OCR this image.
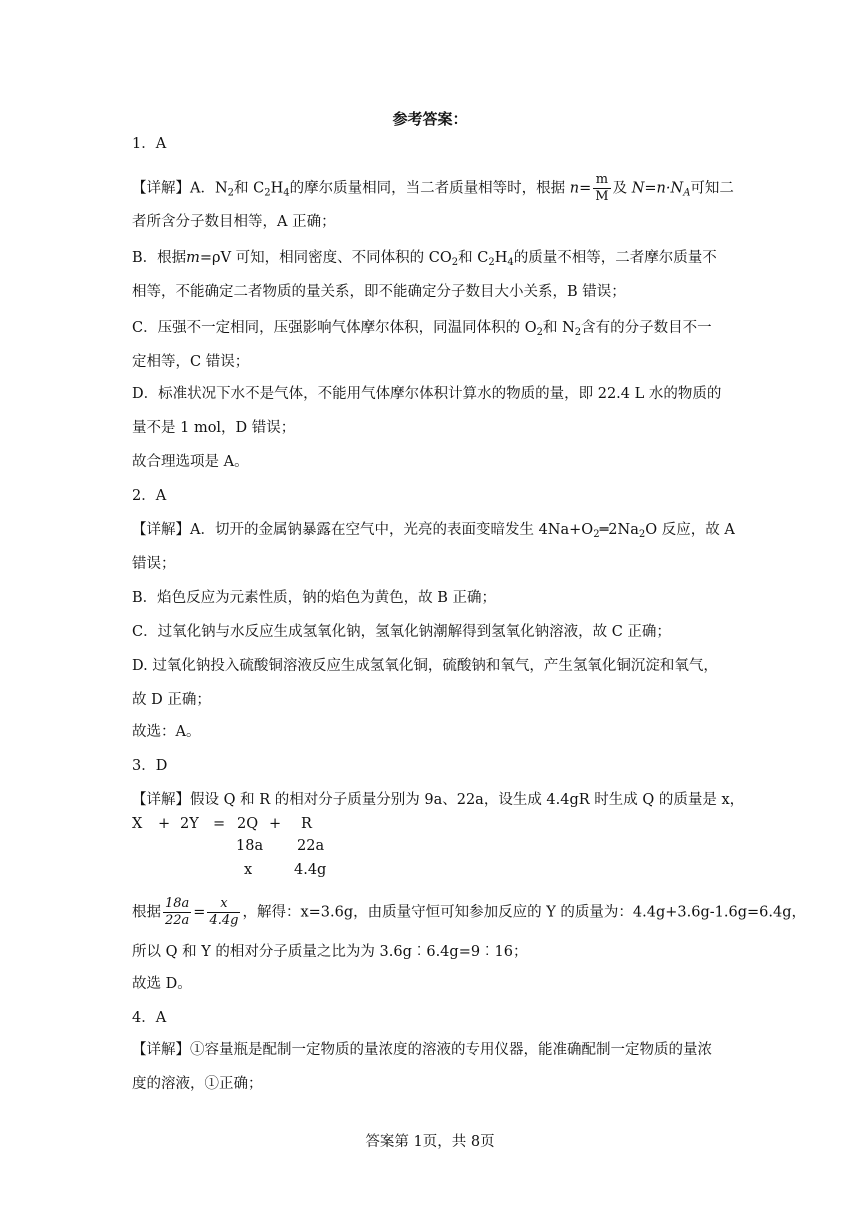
参考答案：
1．A
【详解】A．$N_2$和 $C_2H_4$的摩尔质量相同，当二者质量相等时，根据 $n= \frac{m}{M}$ 及 $N=n\cdot N_A$可知二
者所含分子数目相等，A 正确；
B．根据m=ρV 可知，相同密度、不同体积的 $CO_2$和 $C_2H_4$的质量不相等，二者摩尔质量不
相等，不能确定二者物质的量关系，即不能确定分子数目大小关系，B 错误；
C．压强不一定相同，压强影响气体摩尔体积，同温同体积的 $O_2$和 $N_2$含有的分子数目不一
定相等，C 错误；
D．标准状况下水不是气体，不能用气体摩尔体积计算水的物质的量，即 22.4 L 水的物质的
量不是 1 mol，D 错误；
故合理选项是 A。
2．A
【详解】A．切开的金属钠暴露在空气中，光亮的表面变暗发生 $4Na+O_2═2Na_2O$ 反应，故 A
错误；
B．焰色反应为元素性质，钠的焰色为黄色，故 B 正确；
C．过氧化钠与水反应生成氢氧化钠，氢氧化钠潮解得到氢氧化钠溶液，故 C 正确；
D. 过氧化钠投入硫酸铜溶液反应生成氢氧化铜，硫酸钠和氧气，产生氢氧化铜沉淀和氧气，
故 D 正确；
故选：A。
3．D
【详解】假设 Q 和 R 的相对分子质量分别为 9a、22a，设生成 4.4gR 时生成 Q 的质量是 x，
X + 2Y = 2Q + R
18a 22a
x	4.4g
根据 $\frac{18a}{22a} = \frac{x}{4.4g}$ ，解得：x=3.6g，由质量守恒可知参加反应的 Y 的质量为：4.4g+3.6g-1.6g=6.4g，
所以 Q 和 Y 的相对分子质量之比为为 3.6g︰6.4g=9︰16；
故选 D。
4．A
【详解】①容量瓶是配制一定物质的量浓度的溶液的专用仪器，能准确配制一定物质的量浓
度的溶液，①正确；
答案第 1页，共 8页
